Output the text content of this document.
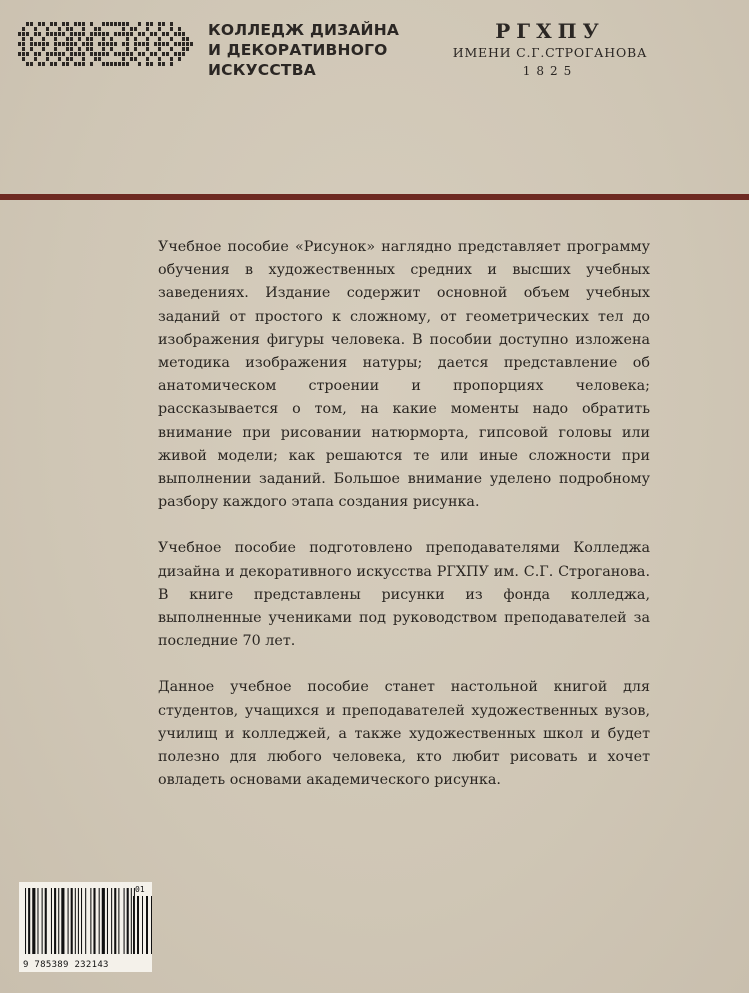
КОЛЛЕДЖ ДИЗАЙНА
И ДЕКОРАТИВНОГО
ИСКУССТВА
РГХПУ
ИМЕНИ С.Г.СТРОГАНОВА
1825

Учебное пособие «Рисунок» наглядно представляет программу обучения в художественных средних и высших учебных заведениях. Издание содержит основной объем учебных заданий от простого к сложному, от геометрических тел до изображения фигуры человека. В пособии доступно изложена методика изображения натуры; дается представление об анатомическом строении и пропорциях человека; рассказывается о том, на какие моменты надо обратить внимание при рисовании натюрморта, гипсовой головы или живой модели; как решаются те или иные сложности при выполнении заданий. Большое внимание уделено подробному разбору каждого этапа создания рисунка.

Учебное пособие подготовлено преподавателями Колледжа дизайна и декоративного искусства РГХПУ им. С.Г. Строганова. В книге представлены рисунки из фонда колледжа, выполненные учениками под руководством преподавателей за последние 70 лет.

Данное учебное пособие станет настольной книгой для студентов, учащихся и преподавателей художественных вузов, училищ и колледжей, а также художественных школ и будет полезно для любого человека, кто любит рисовать и хочет овладеть основами академического рисунка.

01
9 785389 232143
